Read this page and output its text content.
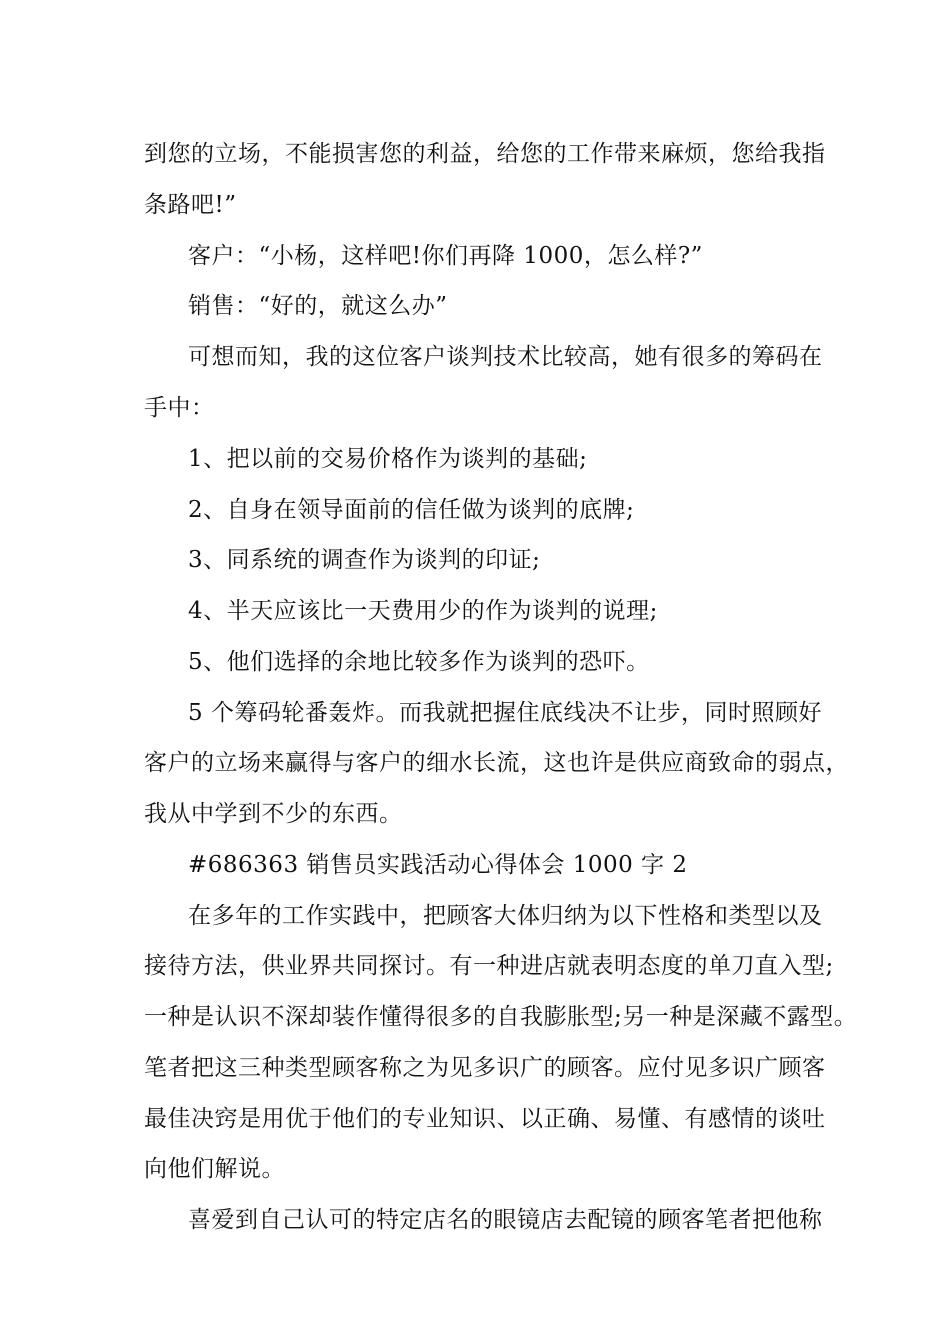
到您的立场，不能损害您的利益，给您的工作带来麻烦，您给我指
条路吧!”
客户：“小杨，这样吧!你们再降 1000，怎么样?”
销售：“好的，就这么办”
可想而知，我的这位客户谈判技术比较高，她有很多的筹码在
手中：
1、把以前的交易价格作为谈判的基础;
2、自身在领导面前的信任做为谈判的底牌;
3、同系统的调查作为谈判的印证;
4、半天应该比一天费用少的作为谈判的说理;
5、他们选择的余地比较多作为谈判的恐吓。
5 个筹码轮番轰炸。而我就把握住底线决不让步，同时照顾好
客户的立场来赢得与客户的细水长流，这也许是供应商致命的弱点，
我从中学到不少的东西。
#686363 销售员实践活动心得体会 1000 字 2
在多年的工作实践中，把顾客大体归纳为以下性格和类型以及
接待方法，供业界共同探讨。有一种进店就表明态度的单刀直入型;
一种是认识不深却装作懂得很多的自我膨胀型;另一种是深藏不露型。
笔者把这三种类型顾客称之为见多识广的顾客。应付见多识广顾客
最佳决窍是用优于他们的专业知识、以正确、易懂、有感情的谈吐
向他们解说。
喜爱到自己认可的特定店名的眼镜店去配镜的顾客笔者把他称
